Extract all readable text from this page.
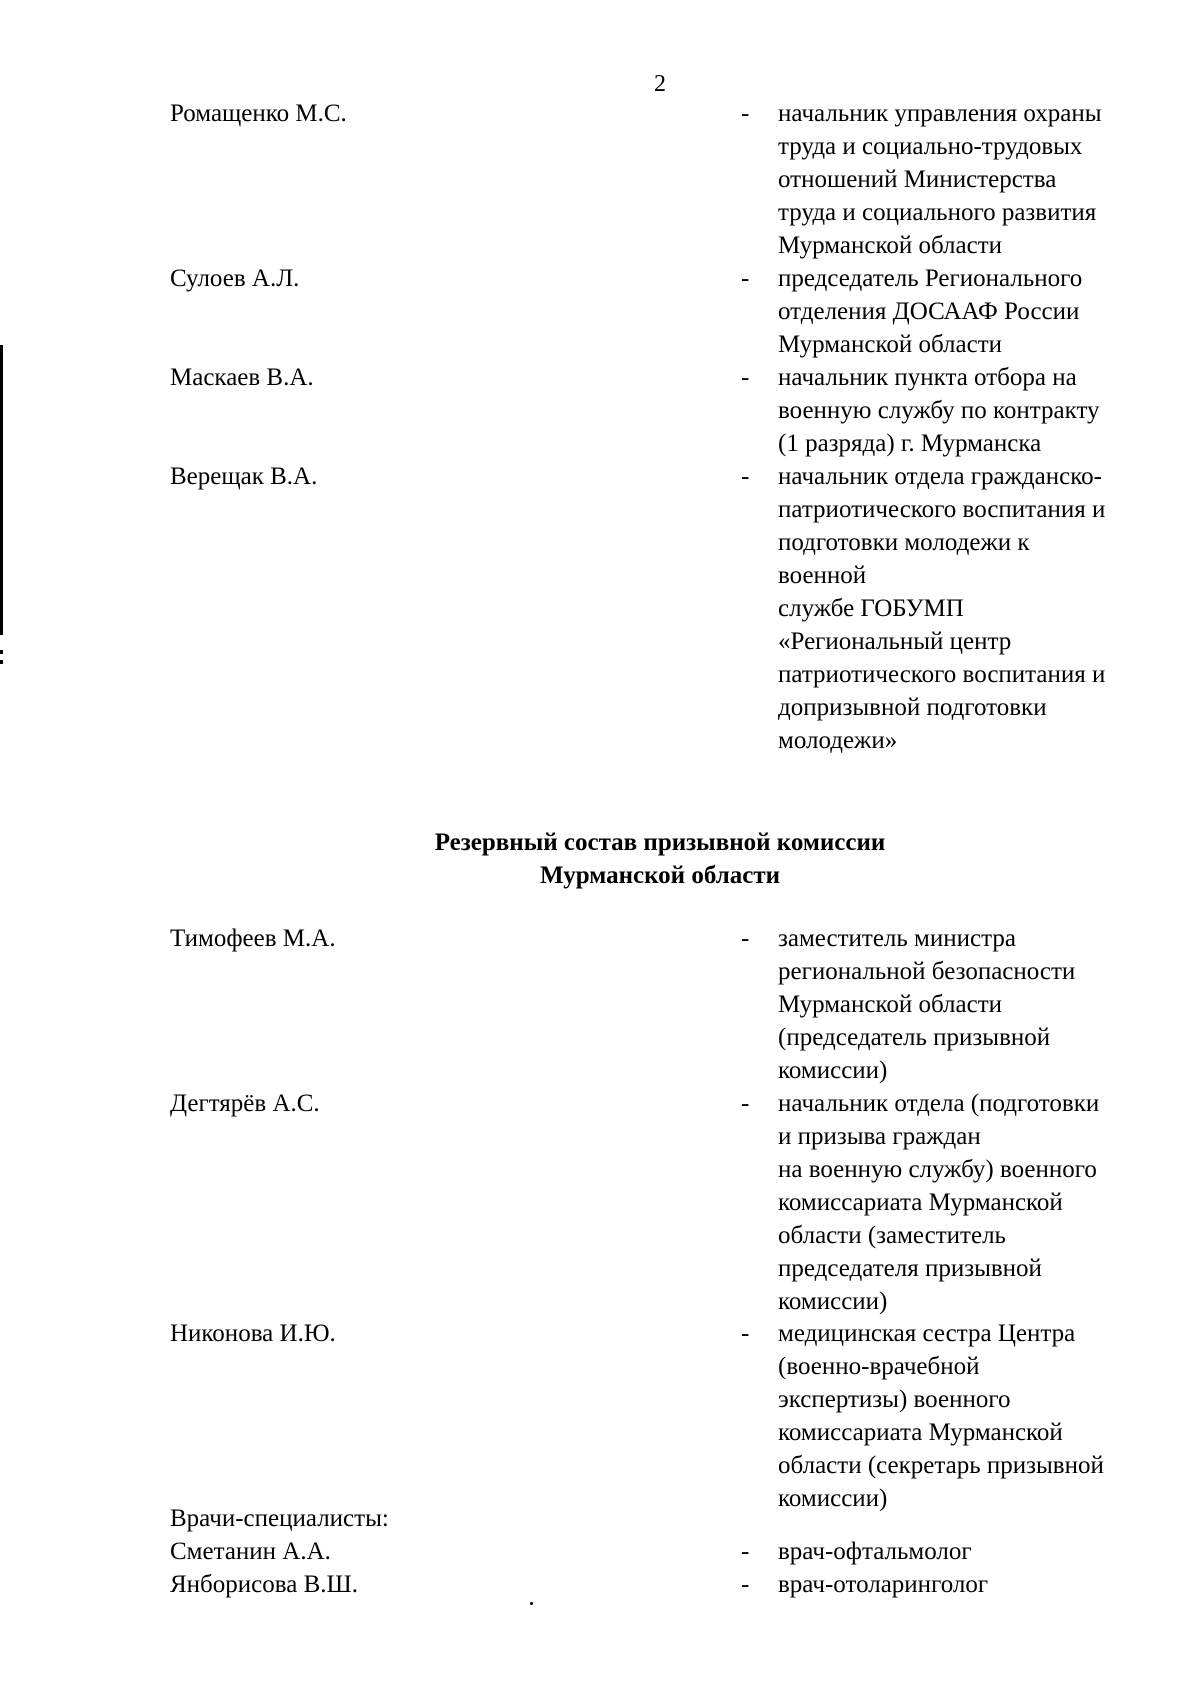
2
Ромащенко М.С.	- начальник управления охраны
труда и социально-трудовых
отношений Министерства
труда и социального развития
Мурманской области
Сулоев А.Л.	- председатель Регионального
отделения ДОСААФ России
Мурманской области
Маскаев В.А.	- начальник пункта отбора на
военную службу по контракту
(1 разряда) г. Мурманска
Верещак В.А.	- начальник отдела гражданско-
патриотического воспитания и
подготовки молодежи к
военной
службе ГОБУМП
«Региональный центр
патриотического воспитания и
допризывной подготовки
молодежи»
Тимофеев М.А.	- заместитель министра
региональной безопасности
Мурманской области
(председатель призывной
комиссии)
Дегтярёв А.С.	- начальник отдела (подготовки
и призыва граждан
на военную службу) военного
комиссариата Мурманской
области (заместитель
председателя призывной
комиссии)
Никонова И.Ю.	- медицинская сестра Центра
(военно-врачебной
экспертизы) военного
комиссариата Мурманской
области (секретарь призывной
комиссии)
Сметанин А.А.	- врач-офтальмолог
Янборисова В.Ш.	- врач-отоларинголог
Резервный состав призывной комиссии
Мурманской области
Врачи-специалисты:
